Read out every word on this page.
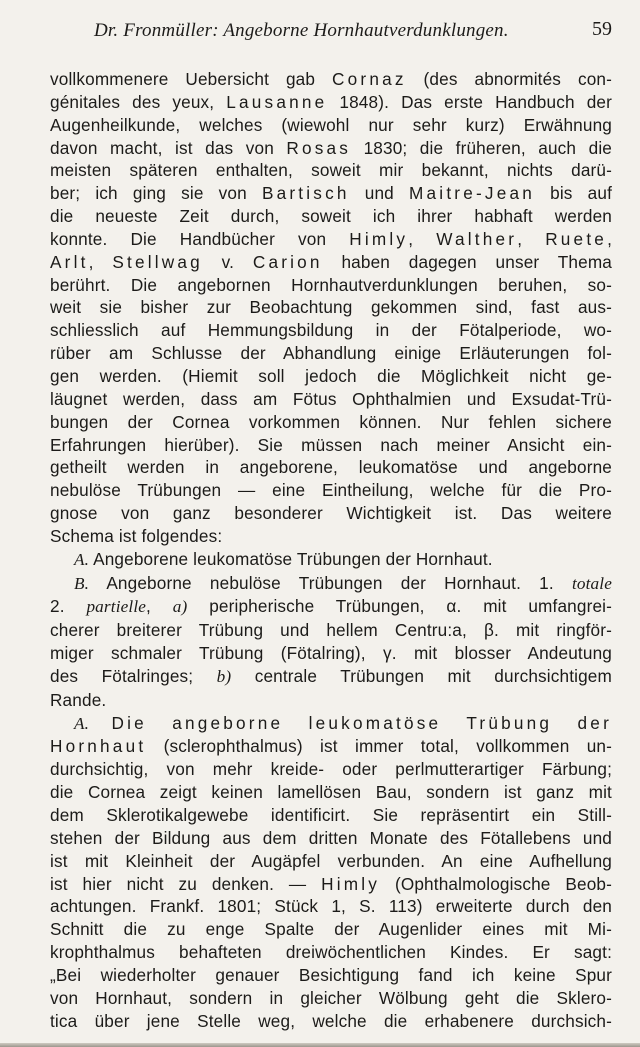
Dr. Fronmüller: Angeborne Hornhautverdunklungen.	59
vollkommenere Uebersicht gab Cornaz (des abnormités con-
génitales des yeux, Lausanne 1848). Das erste Handbuch der
Augenheilkunde, welches (wiewohl nur sehr kurz) Erwähnung
davon macht, ist das von Rosas 1830; die früheren, auch die
meisten späteren enthalten, soweit mir bekannt, nichts darü-
ber; ich ging sie von Bartisch und Maitre-Jean bis auf
die neueste Zeit durch, soweit ich ihrer habhaft werden
konnte. Die Handbücher von Himly, Walther, Ruete,
Arlt, Stellwag v. Carion haben dagegen unser Thema
berührt. Die angebornen Hornhautverdunklungen beruhen, so-
weit sie bisher zur Beobachtung gekommen sind, fast aus-
schliesslich auf Hemmungsbildung in der Fötalperiode, wo-
rüber am Schlusse der Abhandlung einige Erläuterungen fol-
gen werden. (Hiemit soll jedoch die Möglichkeit nicht ge-
läugnet werden, dass am Fötus Ophthalmien und Exsudat-Trü-
bungen der Cornea vorkommen können. Nur fehlen sichere
Erfahrungen hierüber). Sie müssen nach meiner Ansicht ein-
getheilt werden in angeborene, leukomatöse und angeborne
nebulöse Trübungen — eine Eintheilung, welche für die Pro-
gnose von ganz besonderer Wichtigkeit ist. Das weitere
Schema ist folgendes:
A. Angeborene leukomatöse Trübungen der Hornhaut.
B. Angeborne nebulöse Trübungen der Hornhaut. 1. totale
2. partielle, a) peripherische Trübungen, α. mit umfangrei-
cherer breiterer Trübung und hellem Centru:a, β. mit ringför-
miger schmaler Trübung (Fötalring), γ. mit blosser Andeutung
des Fötalringes; b) centrale Trübungen mit durchsichtigem
Rande.
A. Die angeborne leukomatöse Trübung der
Hornhaut (sclerophthalmus) ist immer total, vollkommen un-
durchsichtig, von mehr kreide- oder perlmutterartiger Färbung;
die Cornea zeigt keinen lamellösen Bau, sondern ist ganz mit
dem Sklerotikalgewebe identificirt. Sie repräsentirt ein Still-
stehen der Bildung aus dem dritten Monate des Fötallebens und
ist mit Kleinheit der Augäpfel verbunden. An eine Aufhellung
ist hier nicht zu denken. — Himly (Ophthalmologische Beob-
achtungen. Frankf. 1801; Stück 1, S. 113) erweiterte durch den
Schnitt die zu enge Spalte der Augenlider eines mit Mi-
krophthalmus behafteten dreiwöchentlichen Kindes. Er sagt:
„Bei wiederholter genauer Besichtigung fand ich keine Spur
von Hornhaut, sondern in gleicher Wölbung geht die Sklero-
tica über jene Stelle weg, welche die erhabenere durchsich-
